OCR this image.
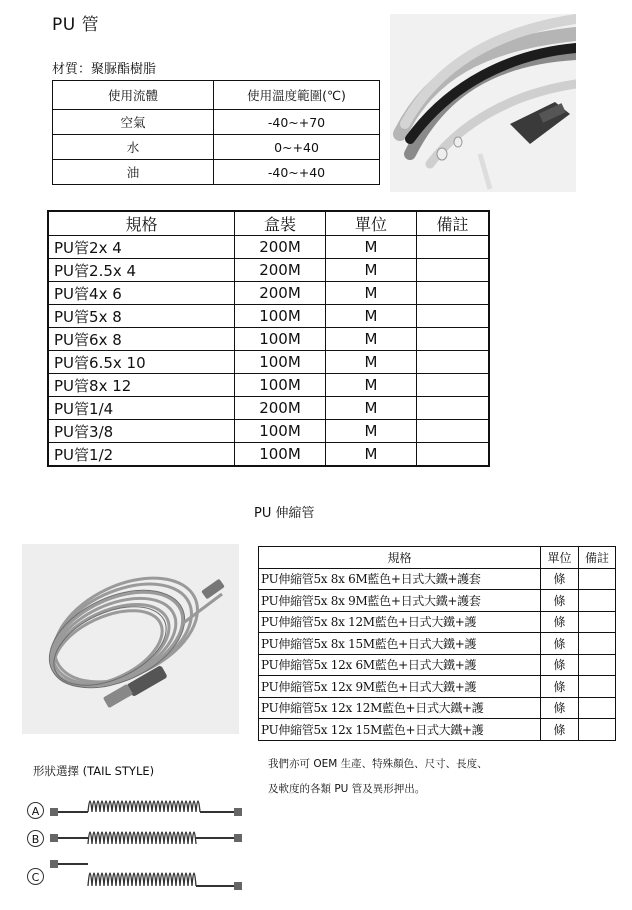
PU 管
材質：聚脲酯樹脂
使用流體	使用溫度範圍(℃)
空氣	-40~+70
水	0~+40
油	-40~+40
規格	盒裝	單位	備註
PU管2x 4	200M	M	
PU管2.5x 4	200M	M	
PU管4x 6	200M	M	
PU管5x 8	100M	M	
PU管6x 8	100M	M	
PU管6.5x 10	100M	M	
PU管8x 12	100M	M	
PU管1/4	200M	M	
PU管3/8	100M	M	
PU管1/2	100M	M	
PU 伸縮管
規格	單位	備註
PU伸縮管5x 8x 6M藍色+日式大鐵+護套	條	
PU伸縮管5x 8x 9M藍色+日式大鐵+護套	條	
PU伸縮管5x 8x 12M藍色+日式大鐵+護	條	
PU伸縮管5x 8x 15M藍色+日式大鐵+護	條	
PU伸縮管5x 12x 6M藍色+日式大鐵+護	條	
PU伸縮管5x 12x 9M藍色+日式大鐵+護	條	
PU伸縮管5x 12x 12M藍色+日式大鐵+護	條	
PU伸縮管5x 12x 15M藍色+日式大鐵+護	條	
我們亦可 OEM 生產、特殊顏色、尺寸、長度、
及軟度的各類 PU 管及異形押出。
形狀選擇 (TAIL STYLE)
A
B
C
